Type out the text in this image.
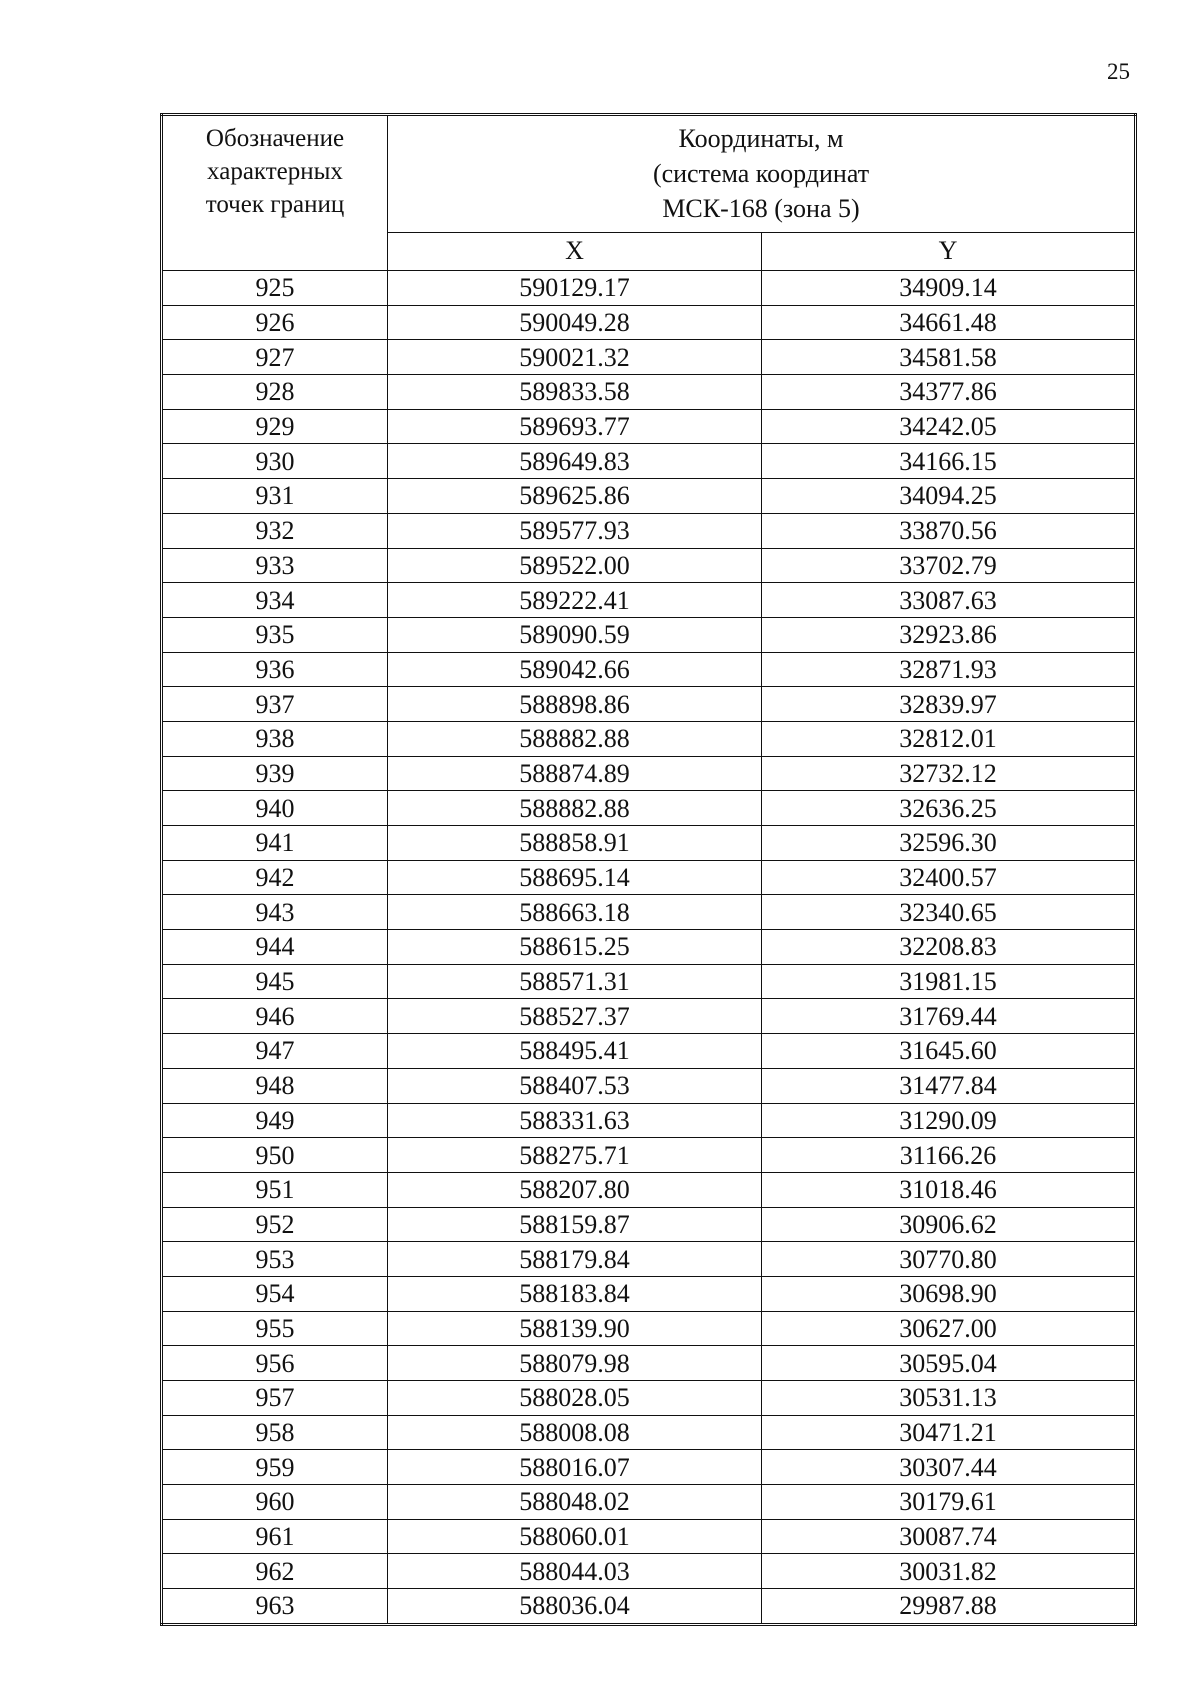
25
Обозначение
характерных
точек границ	Координаты, м
(система координат
МСК-168 (зона 5)	

	X	Y
925	590129.17	34909.14
926	590049.28	34661.48
927	590021.32	34581.58
928	589833.58	34377.86
929	589693.77	34242.05
930	589649.83	34166.15
931	589625.86	34094.25
932	589577.93	33870.56
933	589522.00	33702.79
934	589222.41	33087.63
935	589090.59	32923.86
936	589042.66	32871.93
937	588898.86	32839.97
938	588882.88	32812.01
939	588874.89	32732.12
940	588882.88	32636.25
941	588858.91	32596.30
942	588695.14	32400.57
943	588663.18	32340.65
944	588615.25	32208.83
945	588571.31	31981.15
946	588527.37	31769.44
947	588495.41	31645.60
948	588407.53	31477.84
949	588331.63	31290.09
950	588275.71	31166.26
951	588207.80	31018.46
952	588159.87	30906.62
953	588179.84	30770.80
954	588183.84	30698.90
955	588139.90	30627.00
956	588079.98	30595.04
957	588028.05	30531.13
958	588008.08	30471.21
959	588016.07	30307.44
960	588048.02	30179.61
961	588060.01	30087.74
962	588044.03	30031.82
963	588036.04	29987.88
